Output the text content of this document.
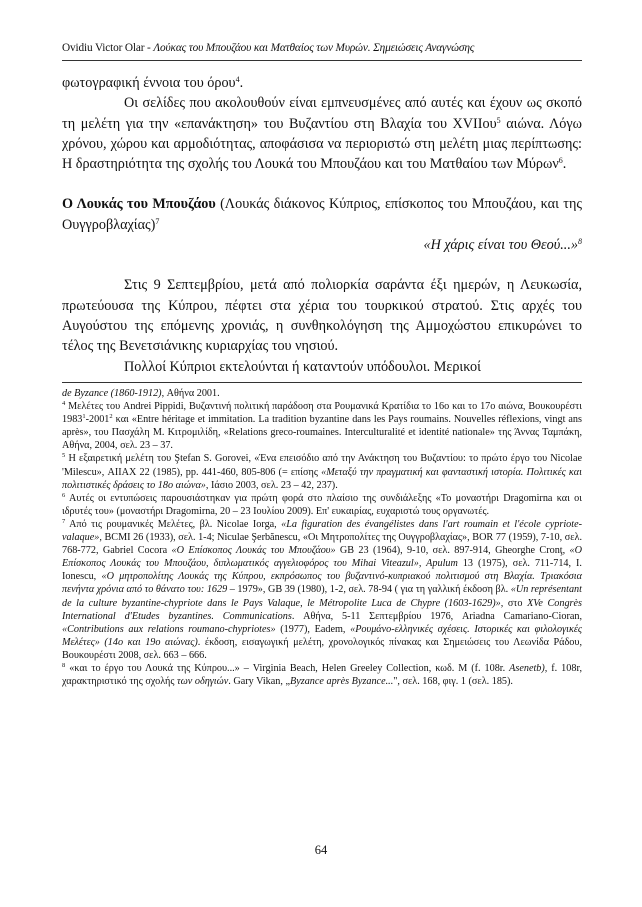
Ovidiu Victor Olar - Λούκας του Μπουζάου και Ματθαίος των Μυρών. Σημειώσεις Αναγνώσης

φωτογραφική έννοια του όρου$^4$.

Οι σελίδες που ακολουθούν είναι εμπνευσμένες από αυτές και έχουν ως σκοπό τη μελέτη για την «επανάκτηση» του Βυζαντίου στη Βλαχία του XVIIου$^5$ αιώνα. Λόγω χρόνου, χώρου και αρμοδιότητας, αποφάσισα να περιοριστώ στη μελέτη μιας περίπτωσης: Η δραστηριότητα της σχολής του Λουκά του Μπουζάου και του Ματθαίου των Μύρων$^6$.

Ο Λουκάς του Μπουζάου (Λουκάς διάκονος Κύπριος, επίσκοπος του Μπουζάου, και της Ουγγροβλαχίας)$^7$

«Η χάρις είναι του Θεού...»$^8$

Στις 9 Σεπτεμβρίου, μετά από πολιορκία σαράντα έξι ημερών, η Λευκωσία, πρωτεύουσα της Κύπρου, πέφτει στα χέρια του τουρκικού στρατού. Στις αρχές του Αυγούστου της επόμενης χρονιάς, η συνθηκολόγηση της Αμμοχώστου επικυρώνει το τέλος της Βενετσιάνικης κυριαρχίας του νησιού.

Πολλοί Κύπριοι εκτελούνται ή καταντούν υπόδουλοι. Μερικοί

de Byzance (1860-1912), Αθήνα 2001.

$^4$ Μελέτες του Andrei Pippidi, Βυζαντινή πολιτική παράδοση στα Ρουμανικά Κρατίδια το 16ο και το 17ο αιώνα, Βουκουρέστι 1983$^1$-2001$^2$ και «Entre héritage et immitation. La tradition byzantine dans les Pays roumains. Nouvelles réflexions, vingt ans après», του Πασχάλη Μ. Κιτρομιλίδη, «Relations greco-roumaines. Interculturalité et identité nationale» της Άννας Ταμπάκη, Αθήνα, 2004, σελ. 23 – 37.

$^5$ Η εξαιρετική μελέτη του Ştefan S. Gorovei, «Ένα επεισόδιο από την Ανάκτηση του Βυζαντίου: το πρώτο έργο του Nicolae 'Milescu», ΑΙΙΑΧ 22 (1985), pp. 441-460, 805-806 (= επίσης «Μεταξύ την πραγματική και φανταστική ιστορία. Πολιτικές και πολιτιστικές δράσεις το 18ο αιώνα», Ιάσιο 2003, σελ. 23 – 42, 237).

$^6$ Αυτές οι εντυπώσεις παρουσιάστηκαν για πρώτη φορά στο πλαίσιο της συνδιάλεξης «Το μοναστήρι Dragomirna και οι ιδρυτές του» (μοναστήρι Dragomirna, 20 – 23 Ιουλίου 2009). Επ' ευκαιρίας, ευχαριστώ τους οργανωτές.

$^7$ Από τις ρουμανικές Μελέτες, βλ. Nicolae Iorga, «La figuration des évangélistes dans l'art roumain et l'école cypriote-valaque», BCMI 26 (1933), σελ. 1-4; Niculae Şerbănescu, «Οι Μητροπολίτες της Ουγγροβλαχίας», BOR 77 (1959), 7-10, σελ. 768-772, Gabriel Cocora «Ο Επίσκοπος Λουκάς του Μπουζάου» GB 23 (1964), 9-10, σελ. 897-914, Gheorghe Cronţ, «Ο Επίσκοπος Λουκάς του Μπουζάου, διπλωματικός αγγελιοφόρος του Mihai Viteazul», Apulum 13 (1975), σελ. 711-714, I. Ionescu, «Ο μητροπολίτης Λουκάς της Κύπρου, εκπρόσωπος του βυζαντινό-κυπριακού πολιτισμού στη Βλαχία. Τριακόσια πενήντα χρόνια από το θάνατο του: 1629 – 1979», GB 39 (1980), 1-2, σελ. 78-94 ( για τη γαλλική έκδοση βλ. «Un représentant de la culture byzantine-chypriote dans le Pays Valaque, le Métropolite Luca de Chypre (1603-1629)», στο XVe Congrès International d'Etudes byzantines. Communications. Αθήνα, 5-11 Σεπτεμβρίου 1976, Ariadna Camariano-Cioran, «Contributions aux relations roumano-chypriotes» (1977), Eadem, «Ρουμάνο-ελληνικές σχέσεις. Ιστορικές και φιλολογικές Μελέτες» (14ο και 19ο αιώνας). έκδοση, εισαγωγική μελέτη, χρονολογικός πίνακας και Σημειώσεις του Λεωνίδα Ράδου, Βουκουρέστι 2008, σελ. 663 – 666.

$^8$ «και το έργο του Λουκά της Κύπρου...» – Virginia Beach, Helen Greeley Collection, κωδ. Μ (f. 108r. Asenetb), f. 108r, χαρακτηριστικό της σχολής των οδηγιών. Gary Vikan, „Byzance après Byzance...", σελ. 168, φιγ. 1 (σελ. 185).

64
